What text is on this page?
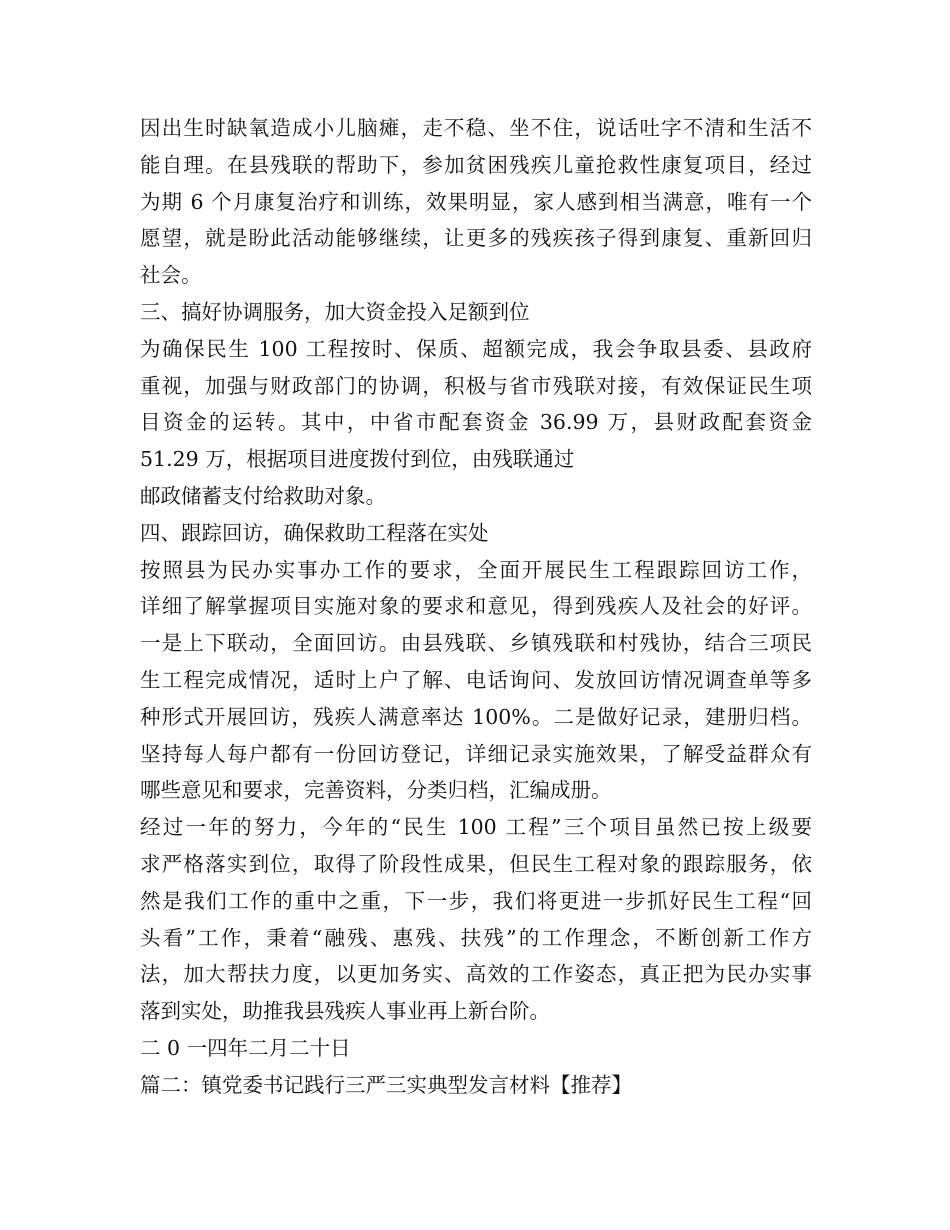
因出生时缺氧造成小儿脑瘫，走不稳、坐不住，说话吐字不清和生活不
能自理。在县残联的帮助下，参加贫困残疾儿童抢救性康复项目，经过
为期 6 个月康复治疗和训练，效果明显，家人感到相当满意，唯有一个
愿望，就是盼此活动能够继续，让更多的残疾孩子得到康复、重新回归
社会。
三、搞好协调服务，加大资金投入足额到位
为确保民生 100 工程按时、保质、超额完成，我会争取县委、县政府
重视，加强与财政部门的协调，积极与省市残联对接，有效保证民生项
目资金的运转。其中，中省市配套资金 36.99 万，县财政配套资金
51.29 万，根据项目进度拨付到位，由残联通过
邮政储蓄支付给救助对象。
四、跟踪回访，确保救助工程落在实处
按照县为民办实事办工作的要求，全面开展民生工程跟踪回访工作，
详细了解掌握项目实施对象的要求和意见，得到残疾人及社会的好评。
一是上下联动，全面回访。由县残联、乡镇残联和村残协，结合三项民
生工程完成情况，适时上户了解、电话询问、发放回访情况调查单等多
种形式开展回访，残疾人满意率达 100%。二是做好记录，建册归档。
坚持每人每户都有一份回访登记，详细记录实施效果，了解受益群众有
哪些意见和要求，完善资料，分类归档，汇编成册。
经过一年的努力，今年的“民生 100 工程”三个项目虽然已按上级要
求严格落实到位，取得了阶段性成果，但民生工程对象的跟踪服务，依
然是我们工作的重中之重，下一步，我们将更进一步抓好民生工程“回
头看”工作，秉着“融残、惠残、扶残”的工作理念，不断创新工作方
法，加大帮扶力度，以更加务实、高效的工作姿态，真正把为民办实事
落到实处，助推我县残疾人事业再上新台阶。
二 0 一四年二月二十日
篇二：镇党委书记践行三严三实典型发言材料【推荐】
